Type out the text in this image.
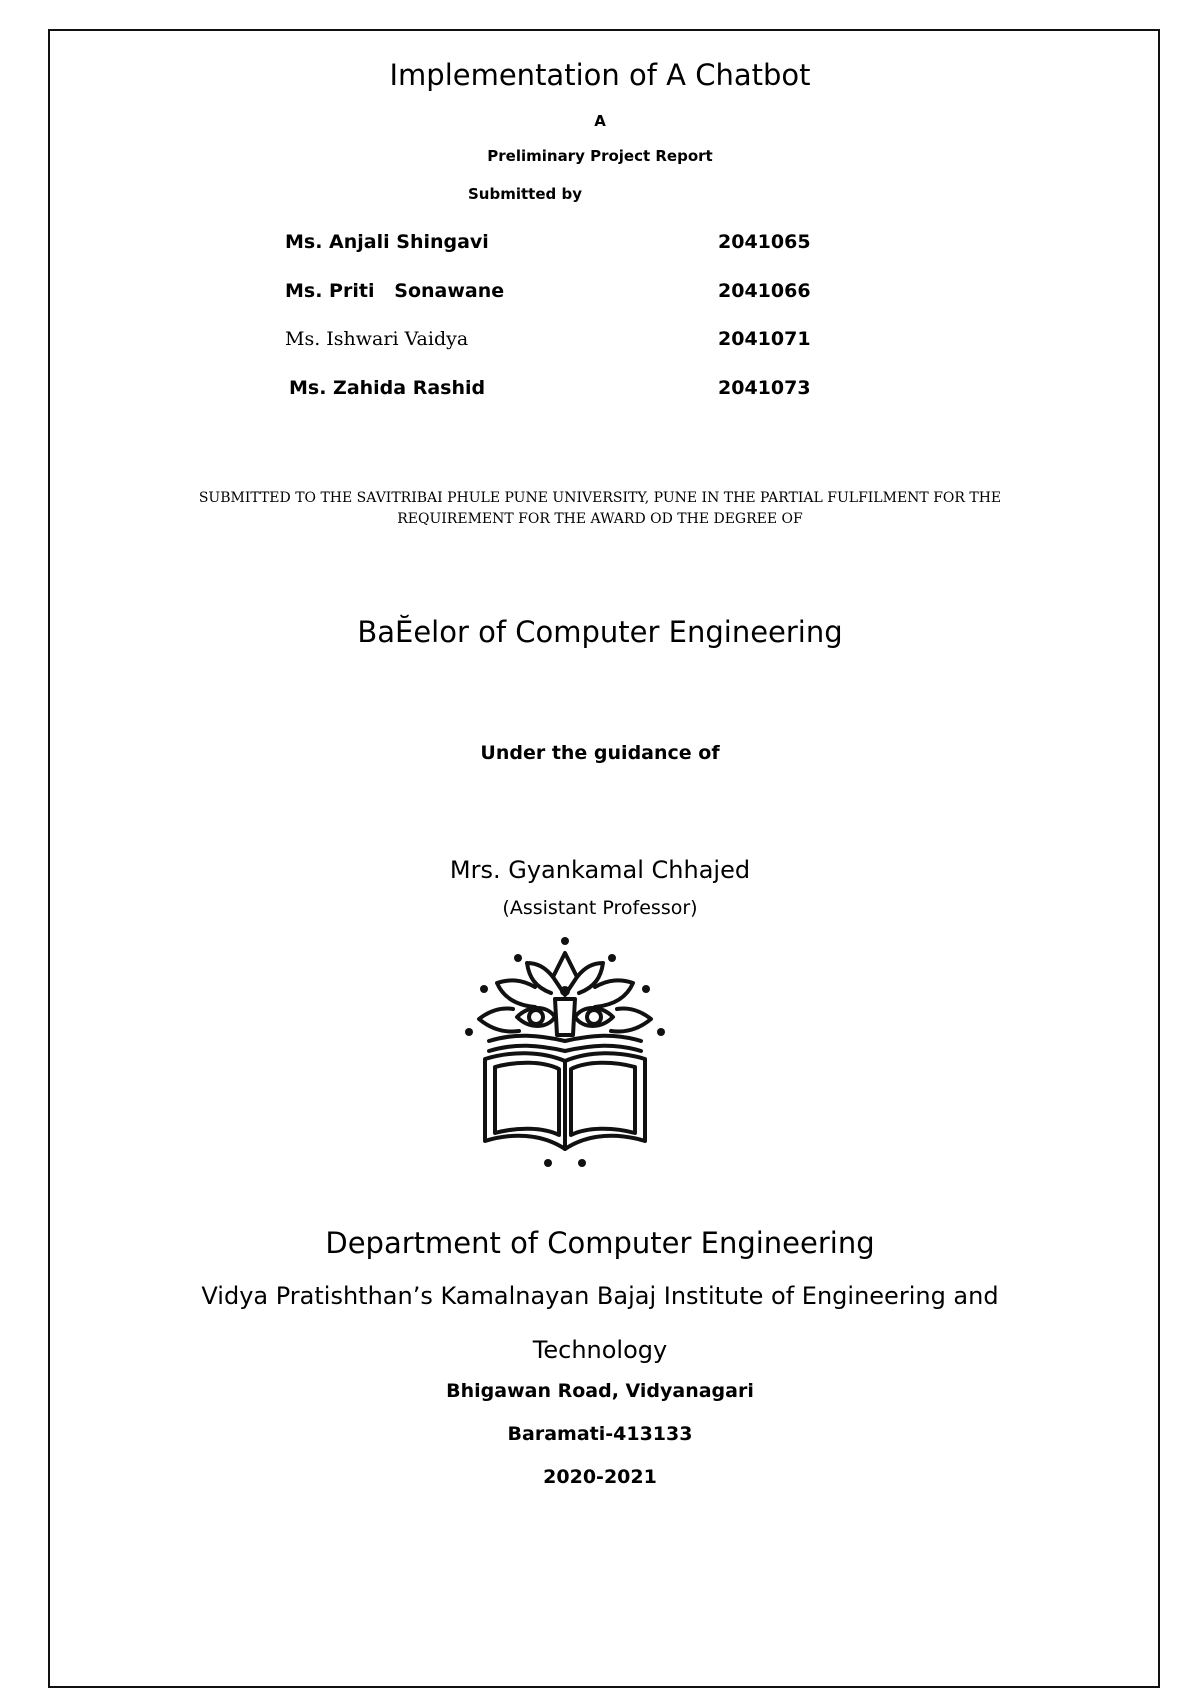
Implementation of A Chatbot
A
Preliminary Project Report
Submitted by
Ms. Anjali Shingavi	2041065
Ms. Priti   Sonawane	2041066
Ms. Ishwari Vaidya	2041071
Ms. Zahida Rashid	2041073
SUBMITTED TO THE SAVITRIBAI PHULE PUNE UNIVERSITY, PUNE IN THE PARTIAL FULFILMENT FOR THE
REQUIREMENT FOR THE AWARD OD THE DEGREE OF
BaĔelor of Computer Engineering
Under the guidance of
Mrs. Gyankamal Chhajed
(Assistant Professor)
Department of Computer Engineering
Vidya Pratishthan’s Kamalnayan Bajaj Institute of Engineering and
Technology
Bhigawan Road, Vidyanagari
Baramati-413133
2020-2021
